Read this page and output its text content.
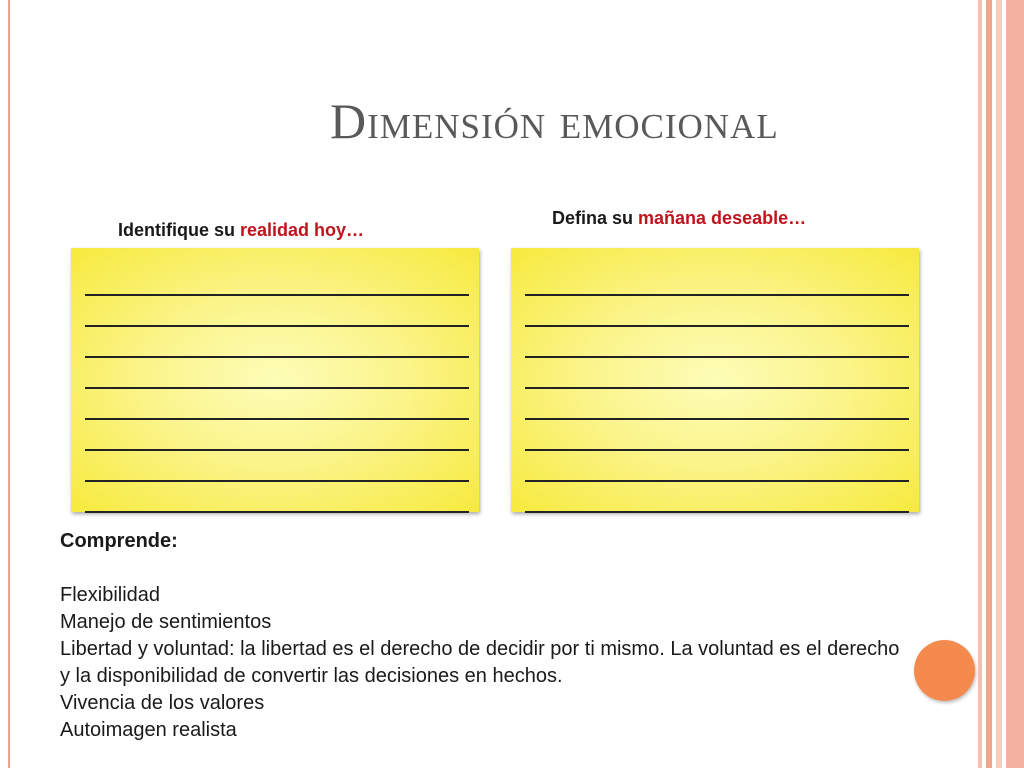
Dimensión emocional
Identifique su realidad hoy…
Defina su mañana deseable…
Comprende:
Flexibilidad
Manejo de sentimientos
Libertad y voluntad: la libertad es el derecho de decidir por ti mismo. La voluntad es el derecho y la disponibilidad de convertir las decisiones en hechos.
Vivencia de los valores
Autoimagen realista
